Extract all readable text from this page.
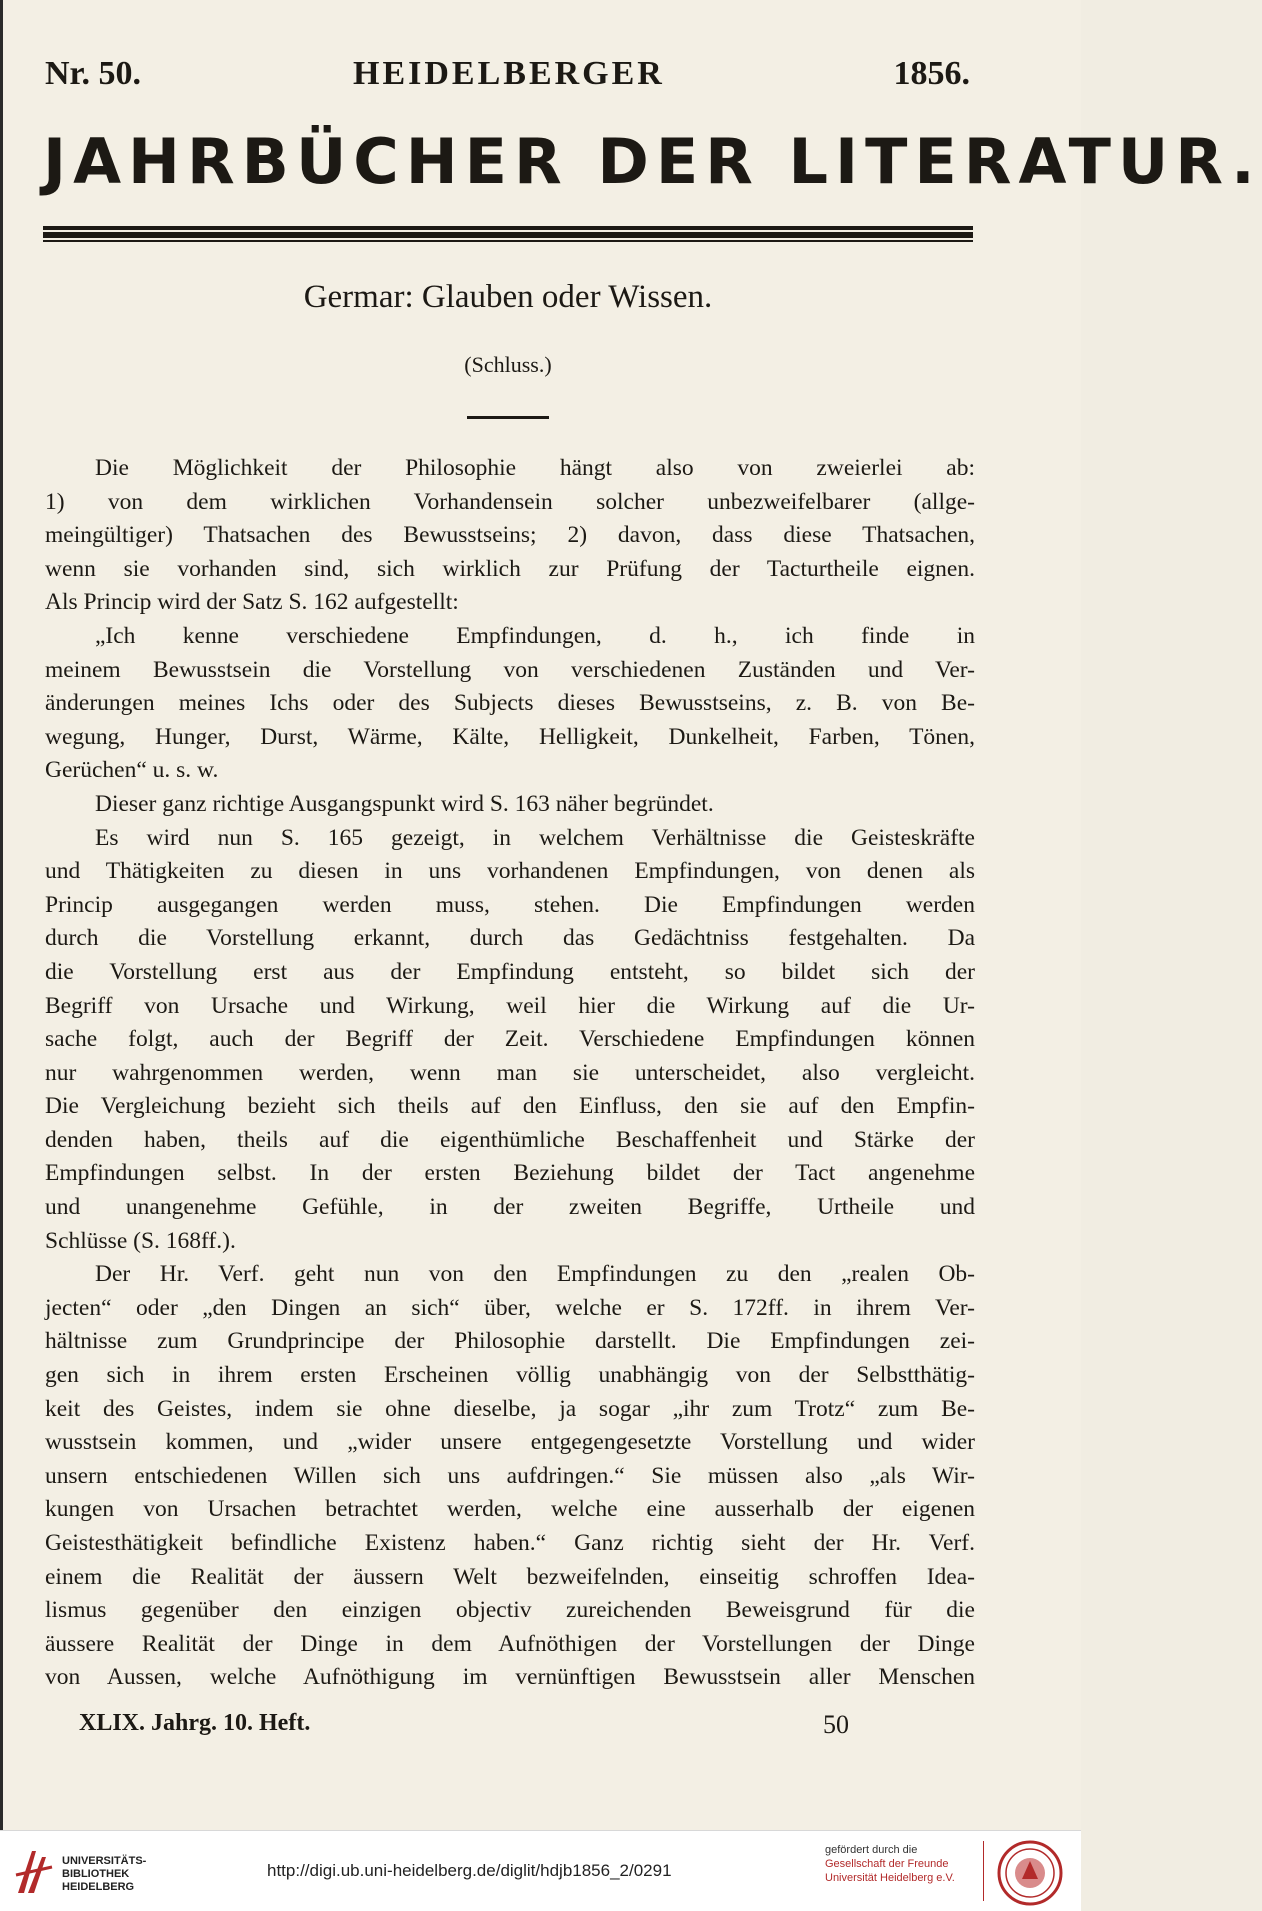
Nr. 50.	HEIDELBERGER	1856.
JAHRBÜCHER DER LITERATUR.
Germar: Glauben oder Wissen.
(Schluss.)
Die Möglichkeit der Philosophie hängt also von zweierlei ab:
1) von dem wirklichen Vorhandensein solcher unbezweifelbarer (allge-
meingültiger) Thatsachen des Bewusstseins; 2) davon, dass diese Thatsachen,
wenn sie vorhanden sind, sich wirklich zur Prüfung der Tacturtheile eignen.
Als Princip wird der Satz S. 162 aufgestellt:
„Ich kenne verschiedene Empfindungen, d. h., ich finde in
meinem Bewusstsein die Vorstellung von verschiedenen Zuständen und Ver-
änderungen meines Ichs oder des Subjects dieses Bewusstseins, z. B. von Be-
wegung, Hunger, Durst, Wärme, Kälte, Helligkeit, Dunkelheit, Farben, Tönen,
Gerüchen“ u. s. w.
Dieser ganz richtige Ausgangspunkt wird S. 163 näher begründet.
Es wird nun S. 165 gezeigt, in welchem Verhältnisse die Geisteskräfte
und Thätigkeiten zu diesen in uns vorhandenen Empfindungen, von denen als
Princip ausgegangen werden muss, stehen. Die Empfindungen werden
durch die Vorstellung erkannt, durch das Gedächtniss festgehalten. Da
die Vorstellung erst aus der Empfindung entsteht, so bildet sich der
Begriff von Ursache und Wirkung, weil hier die Wirkung auf die Ur-
sache folgt, auch der Begriff der Zeit. Verschiedene Empfindungen können
nur wahrgenommen werden, wenn man sie unterscheidet, also vergleicht.
Die Vergleichung bezieht sich theils auf den Einfluss, den sie auf den Empfin-
denden haben, theils auf die eigenthümliche Beschaffenheit und Stärke der
Empfindungen selbst. In der ersten Beziehung bildet der Tact angenehme
und unangenehme Gefühle, in der zweiten Begriffe, Urtheile und
Schlüsse (S. 168ff.).
Der Hr. Verf. geht nun von den Empfindungen zu den „realen Ob-
jecten“ oder „den Dingen an sich“ über, welche er S. 172ff. in ihrem Ver-
hältnisse zum Grundprincipe der Philosophie darstellt. Die Empfindungen zei-
gen sich in ihrem ersten Erscheinen völlig unabhängig von der Selbstthätig-
keit des Geistes, indem sie ohne dieselbe, ja sogar „ihr zum Trotz“ zum Be-
wusstsein kommen, und „wider unsere entgegengesetzte Vorstellung und wider
unsern entschiedenen Willen sich uns aufdringen.“ Sie müssen also „als Wir-
kungen von Ursachen betrachtet werden, welche eine ausserhalb der eigenen
Geistesthätigkeit befindliche Existenz haben.“ Ganz richtig sieht der Hr. Verf.
einem die Realität der äussern Welt bezweifelnden, einseitig schroffen Idea-
lismus gegenüber den einzigen objectiv zureichenden Beweisgrund für die
äussere Realität der Dinge in dem Aufnöthigen der Vorstellungen der Dinge
von Aussen, welche Aufnöthigung im vernünftigen Bewusstsein aller Menschen
XLIX. Jahrg. 10. Heft.	50
UNIVERSITÄTS-
BIBLIOTHEK
HEIDELBERG
http://digi.ub.uni-heidelberg.de/diglit/hdjb1856_2/0291
gefördert durch die
Gesellschaft der Freunde
Universität Heidelberg e.V.
